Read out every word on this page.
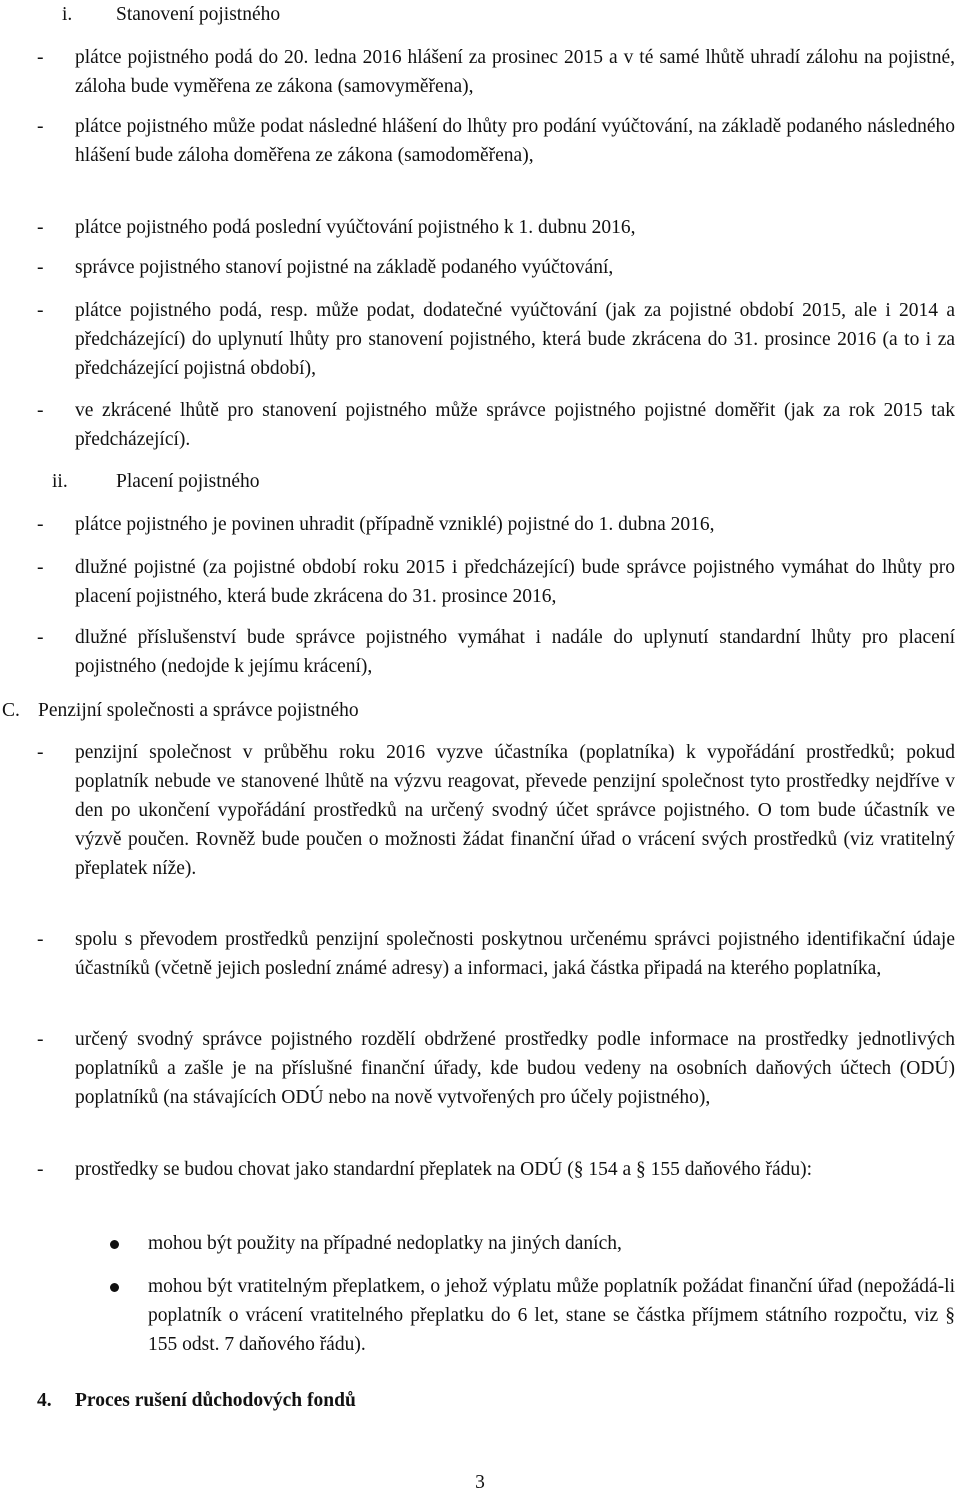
i. Stanovení pojistného
- plátce pojistného podá do 20. ledna 2016 hlášení za prosinec 2015 a v té samé lhůtě uhradí zálohu na pojistné, záloha bude vyměřena ze zákona (samovyměřena),
- plátce pojistného může podat následné hlášení do lhůty pro podání vyúčtování, na základě podaného následného hlášení bude záloha doměřena ze zákona (samodoměřena),
- plátce pojistného podá poslední vyúčtování pojistného k 1. dubnu 2016,
- správce pojistného stanoví pojistné na základě podaného vyúčtování,
- plátce pojistného podá, resp. může podat, dodatečné vyúčtování (jak za pojistné období 2015, ale i 2014 a předcházející) do uplynutí lhůty pro stanovení pojistného, která bude zkrácena do 31. prosince 2016 (a to i za předcházející pojistná období),
- ve zkrácené lhůtě pro stanovení pojistného může správce pojistného pojistné doměřit (jak za rok 2015 tak předcházející).
ii. Placení pojistného
- plátce pojistného je povinen uhradit (případně vzniklé) pojistné do 1. dubna 2016,
- dlužné pojistné (za pojistné období roku 2015 i předcházející) bude správce pojistného vymáhat do lhůty pro placení pojistného, která bude zkrácena do 31. prosince 2016,
- dlužné příslušenství bude správce pojistného vymáhat i nadále do uplynutí standardní lhůty pro placení pojistného (nedojde k jejímu krácení),
C. Penzijní společnosti a správce pojistného
- penzijní společnost v průběhu roku 2016 vyzve účastníka (poplatníka) k vypořádání prostředků; pokud poplatník nebude ve stanovené lhůtě na výzvu reagovat, převede penzijní společnost tyto prostředky nejdříve v den po ukončení vypořádání prostředků na určený svodný účet správce pojistného. O tom bude účastník ve výzvě poučen. Rovněž bude poučen o možnosti žádat finanční úřad o vrácení svých prostředků (viz vratitelný přeplatek níže).
- spolu s převodem prostředků penzijní společnosti poskytnou určenému správci pojistného identifikační údaje účastníků (včetně jejich poslední známé adresy) a informaci, jaká částka připadá na kterého poplatníka,
- určený svodný správce pojistného rozdělí obdržené prostředky podle informace na prostředky jednotlivých poplatníků a zašle je na příslušné finanční úřady, kde budou vedeny na osobních daňových účtech (ODÚ) poplatníků (na stávajících ODÚ nebo na nově vytvořených pro účely pojistného),
- prostředky se budou chovat jako standardní přeplatek na ODÚ (§ 154 a § 155 daňového řádu):
mohou být použity na případné nedoplatky na jiných daních,
mohou být vratitelným přeplatkem, o jehož výplatu může poplatník požádat finanční úřad (nepožádá-li poplatník o vrácení vratitelného přeplatku do 6 let, stane se částka příjmem státního rozpočtu, viz § 155 odst. 7 daňového řádu).
4. Proces rušení důchodových fondů
3
